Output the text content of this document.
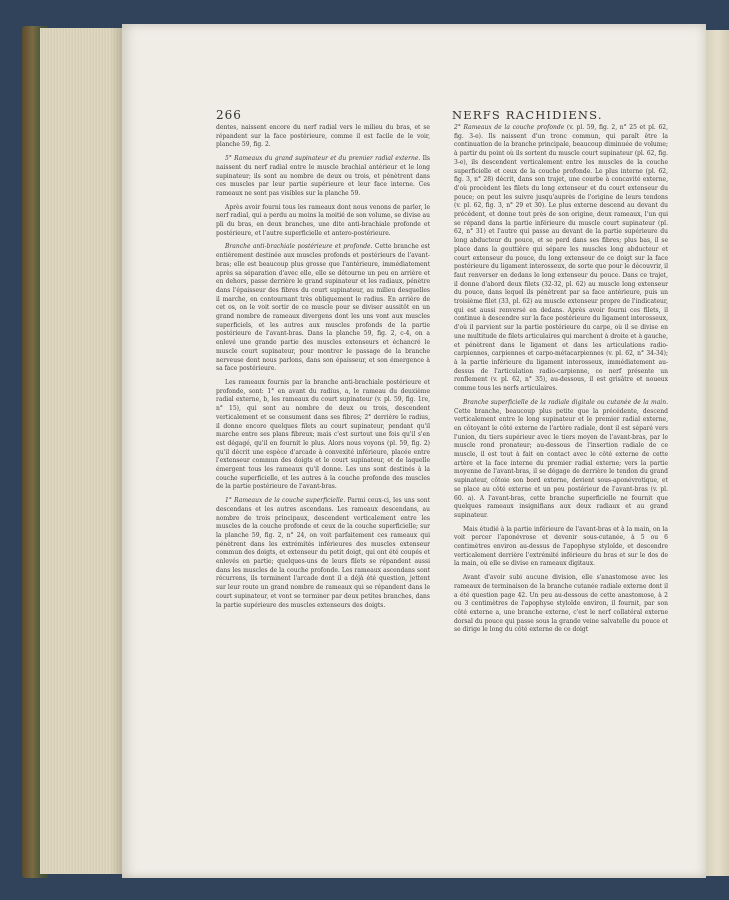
266	NERFS RACHIDIENS.

dentes, naissent encore du nerf radial vers le milieu du bras, et se répandent sur la face postérieure, comme il est facile de le voir, planche 59, fig. 2.

5° Rameaux du grand supinateur et du premier radial externe. Ils naissent du nerf radial entre le muscle brachial antérieur et le long supinateur; ils sont au nombre de deux ou trois, et pénètrent dans ces muscles par leur partie supérieure et leur face interne. Ces rameaux ne sont pas visibles sur la planche 59.

Après avoir fourni tous les rameaux dont nous venons de parler, le nerf radial, qui a perdu au moins la moitié de son volume, se divise au pli du bras, en deux branches, une dite anti-brachiale profonde et postérieure, et l'autre superficielle et antero-postérieure.

Branche anti-brachiale postérieure et profonde. Cette branche est entièrement destinée aux muscles profonds et postérieurs de l'avant-bras; elle est beaucoup plus grosse que l'antérieure, immédiatement après sa séparation d'avec elle, elle se détourne un peu en arrière et en dehors, passe derrière le grand supinateur et les radiaux, pénètre dans l'épaisseur des fibres du court supinateur, au milieu desquelles il marche, en contournant très obliquement le radius. En arrière de cet os, on le voit sortir de ce muscle pour se diviser aussitôt en un grand nombre de rameaux divergens dont les uns vont aux muscles superficiels, et les autres aux muscles profonds de la partie postérieure de l'avant-bras. Dans la planche 59, fig. 2, c-4, on a enlevé une grande partie des muscles extenseurs et échancré le muscle court supinateur, pour montrer le passage de la branche nerveuse dont nous parlons, dans son épaisseur, et son émergence à sa face postérieure.

Les rameaux fournis par la branche anti-brachiale postérieure et profonde, sont: 1° en avant du radius, a, le rameau du deuxième radial externe, b, les rameaux du court supinateur (v. pl. 59, fig. 1re, n° 15), qui sont au nombre de deux ou trois, descendent verticalement et se consument dans ses fibres; 2° derrière le radius, il donne encore quelques filets au court supinateur, pendant qu'il marche entre ses plans fibreux; mais c'est surtout une fois qu'il s'en est dégagé, qu'il en fournit le plus. Alors nous voyons (pl. 59, fig. 2) qu'il décrit une espèce d'arcade à convexité inférieure, placée entre l'extenseur commun des doigts et le court supinateur, et de laquelle émergent tous les rameaux qu'il donne. Les uns sont destinés à la couche superficielle, et les autres à la couche profonde des muscles de la partie postérieure de l'avant-bras.

1° Rameaux de la couche superficielle. Parmi ceux-ci, les uns sont descendans et les autres ascendans. Les rameaux descendans, au nombre de trois principaux, descendent verticalement entre les muscles de la couche profonde et ceux de la couche superficielle; sur la planche 59, fig. 2, n° 24, on voit parfaitement ces rameaux qui pénètrent dans les extrémités inférieures des muscles extenseur commun des doigts, et extenseur du petit doigt, qui ont été coupés et enlevés en partie; quelques-uns de leurs filets se répandent aussi dans les muscles de la couche profonde. Les rameaux ascendans sont récurrens, ils terminent l'arcade dont il a déjà été question, jettent sur leur route un grand nombre de rameaux qui se répandent dans le court supinateur, et vont se terminer par deux petites branches, dans la partie supérieure des muscles extenseurs des doigts.

2° Rameaux de la couche profonde (v. pl. 59, fig. 2, n° 25 et pl. 62, fig. 3-e). Ils naissent d'un tronc commun, qui paraît être la continuation de la branche principale, beaucoup diminuée de volume; à partir du point où ils sortent du muscle court supinateur (pl. 62, fig. 3-e), ils descendent verticalement entre les muscles de la couche superficielle et ceux de la couche profonde. Le plus interne (pl. 62, fig. 3, n° 28) décrit, dans son trajet, une courbe à concavité externe, d'où procèdent les filets du long extenseur et du court extenseur du pouce; on peut les suivre jusqu'auprès de l'origine de leurs tendons (v. pl. 62, fig. 3, n° 29 et 30). Le plus externe descend au devant du précédent, et donne tout près de son origine, deux rameaux, l'un qui se répand dans la partie inférieure du muscle court supinateur (pl. 62, n° 31) et l'autre qui passe au devant de la partie supérieure du long abducteur du pouce, et se perd dans ses fibres; plus bas, il se place dans la gouttière qui sépare les muscles long abducteur et court extenseur du pouce, du long extenseur de ce doigt sur la face postérieure du ligament interosseux, de sorte que pour le découvrir, il faut renverser en dedans le long extenseur du pouce. Dans ce trajet, il donne d'abord deux filets (32-32, pl. 62) au muscle long extenseur du pouce, dans lequel ils pénètrent par sa face antérieure, puis un troisième filet (33, pl. 62) au muscle extenseur propre de l'indicateur, qui est aussi renversé en dedans. Après avoir fourni ces filets, il continue à descendre sur la face postérieure du ligament interosseux, d'où il parvient sur la partie postérieure du carpe, où il se divise en une multitude de filets articulaires qui marchent à droite et à gauche, et pénètrent dans le ligament et dans les articulations radio-carpiennes, carpiennes et carpo-métacarpiennes (v. pl. 62, n° 34-34); à la partie inférieure du ligament interosseux, immédiatement au-dessus de l'articulation radio-carpienne, ce nerf présente un renflement (v. pl. 62, n° 35), au-dessous, il est grisâtre et noueux comme tous les nerfs articulaires.

Branche superficielle de la radiale digitale ou cutanée de la main. Cette branche, beaucoup plus petite que la précédente, descend verticalement entre le long supinateur et le premier radial externe, en côtoyant le côté externe de l'artère radiale, dont il est séparé vers l'union, du tiers supérieur avec le tiers moyen de l'avant-bras, par le muscle rond pronateur; au-dessous de l'insertion radiale de ce muscle, il est tout à fait en contact avec le côté externe de cette artère et la face interne du premier radial externe; vers la partie moyenne de l'avant-bras, il se dégage de derrière le tendon du grand supinateur, côtoie son bord externe, devient sous-aponévrotique, et se place au côté externe et un peu postérieur de l'avant-bras (v. pl. 60. a). A l'avant-bras, cette branche superficielle ne fournit que quelques rameaux insignifians aux deux radiaux et au grand supinateur.

Mais étudié à la partie inférieure de l'avant-bras et à la main, on la voit percer l'aponévrose et devenir sous-cutanée, à 5 ou 6 centimètres environ au-dessus de l'apophyse styloïde, et descendre verticalement derrière l'extrémité inférieure du bras et sur le dos de la main, où elle se divise en rameaux digitaux.

Avant d'avoir subi aucune division, elle s'anastomose avec les rameaux de terminaison de la branche cutanée radiale externe dont il a été question page 42. Un peu au-dessous de cette anastomose, à 2 ou 3 centimètres de l'apophyse styloïde environ, il fournit, par son côté externe a, une branche externe, c'est le nerf collatéral externe dorsal du pouce qui passe sous la grande veine salvatelle du pouce et se dirige le long du côté externe de ce doigt
